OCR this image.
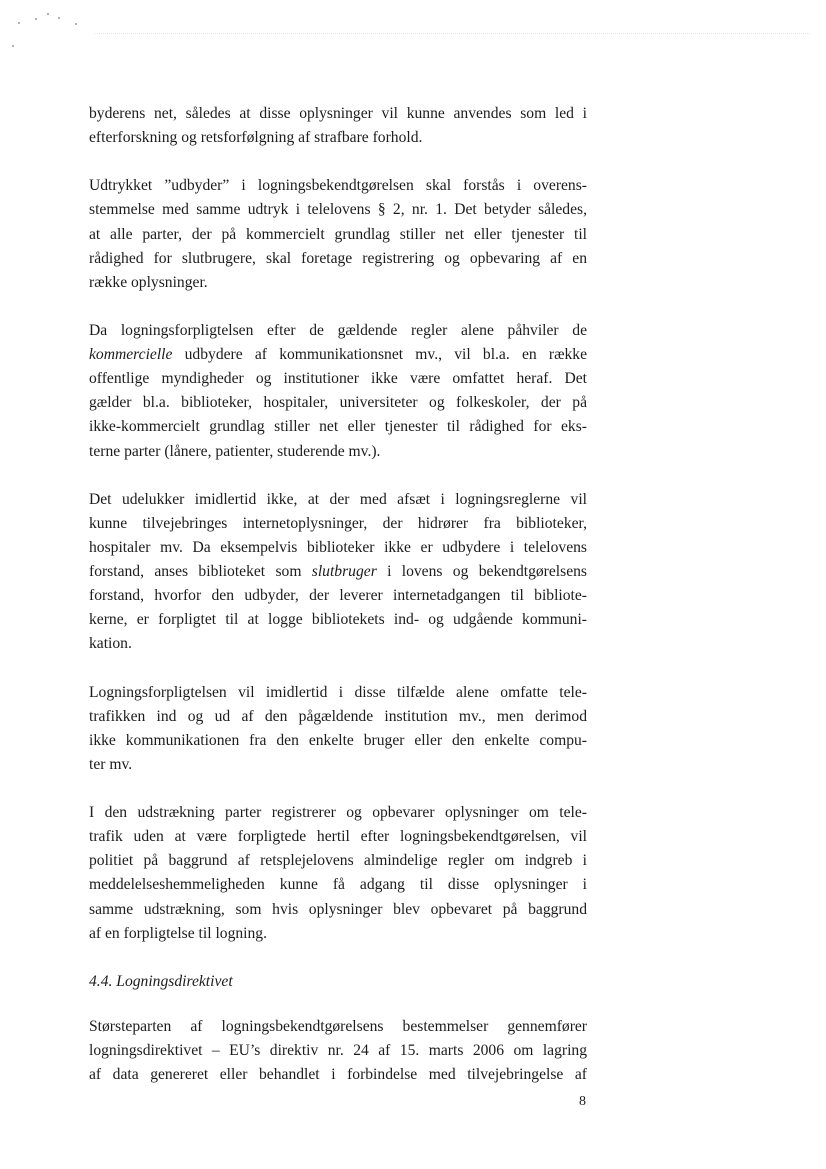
byderens net, således at disse oplysninger vil kunne anvendes som led i
efterforskning og retsforfølgning af strafbare forhold.

Udtrykket ”udbyder” i logningsbekendtgørelsen skal forstås i overens-
stemmelse med samme udtryk i telelovens § 2, nr. 1. Det betyder således,
at alle parter, der på kommercielt grundlag stiller net eller tjenester til
rådighed for slutbrugere, skal foretage registrering og opbevaring af en
række oplysninger.

Da logningsforpligtelsen efter de gældende regler alene påhviler de
kommercielle udbydere af kommunikationsnet mv., vil bl.a. en række
offentlige myndigheder og institutioner ikke være omfattet heraf. Det
gælder bl.a. biblioteker, hospitaler, universiteter og folkeskoler, der på
ikke-kommercielt grundlag stiller net eller tjenester til rådighed for eks-
terne parter (lånere, patienter, studerende mv.).

Det udelukker imidlertid ikke, at der med afsæt i logningsreglerne vil
kunne tilvejebringes internetoplysninger, der hidrører fra biblioteker,
hospitaler mv. Da eksempelvis biblioteker ikke er udbydere i telelovens
forstand, anses biblioteket som slutbruger i lovens og bekendtgørelsens
forstand, hvorfor den udbyder, der leverer internetadgangen til bibliote-
kerne, er forpligtet til at logge bibliotekets ind- og udgående kommuni-
kation.

Logningsforpligtelsen vil imidlertid i disse tilfælde alene omfatte tele-
trafikken ind og ud af den pågældende institution mv., men derimod
ikke kommunikationen fra den enkelte bruger eller den enkelte compu-
ter mv.

I den udstrækning parter registrerer og opbevarer oplysninger om tele-
trafik uden at være forpligtede hertil efter logningsbekendtgørelsen, vil
politiet på baggrund af retsplejelovens almindelige regler om indgreb i
meddelelseshemmeligheden kunne få adgang til disse oplysninger i
samme udstrækning, som hvis oplysninger blev opbevaret på baggrund
af en forpligtelse til logning.

4.4. Logningsdirektivet

Størsteparten af logningsbekendtgørelsens bestemmelser gennemfører
logningsdirektivet – EU’s direktiv nr. 24 af 15. marts 2006 om lagring
af data genereret eller behandlet i forbindelse med tilvejebringelse af

8
